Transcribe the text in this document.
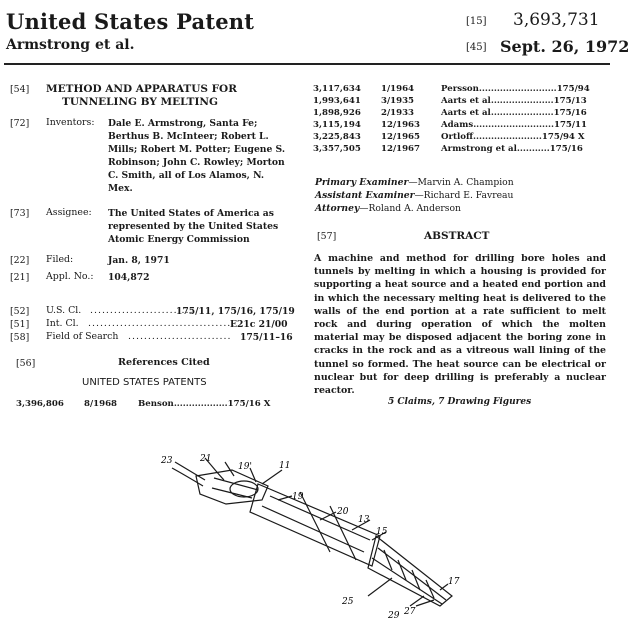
United States Patent
Armstrong et al.
[15] 3,693,731
[45] Sept. 26, 1972
[54] METHOD AND APPARATUS FOR
TUNNELING BY MELTING
[72] Inventors: Dale E. Armstrong, Santa Fe;
Berthus B. McInteer; Robert L.
Mills; Robert M. Potter; Eugene S.
Robinson; John C. Rowley; Morton
C. Smith, all of Los Alamos, N.
Mex.
[73] Assignee: The United States of America as
represented by the United States
Atomic Energy Commission
[22] Filed:	Jan. 8, 1971
[21] Appl. No.: 104,872
[52] U.S. Cl. ..........................
175/11, 175/16, 175/19
[51] Int. Cl. .....................................
E21c 21/00
[58] Field of Search .......................... 175/11–16
[56]	References Cited
UNITED STATES PATENTS
3,396,806 8/1968 Benson..................175/16 X
3,117,634 1/1964	Persson..........................175/94
1,993,641 3/1935	Aarts et al.....................175/13
1,898,926 2/1933	Aarts et al.....................175/16
3,115,194 12/1963 Adams...........................175/11
3,225,843 12/1965 Ortloff.......................175/94 X
3,357,505 12/1967 Armstrong et al...........175/16
Primary Examiner—Marvin A. Champion
Assistant Examiner—Richard E. Favreau
Attorney—Roland A. Anderson
[57]	ABSTRACT
A machine and method for drilling bore holes and tunnels by melting in which a housing is provided for supporting a heat source and a heated end portion and in which the necessary melting heat is delivered to the walls of the end portion at a rate sufficient to melt rock and during operation of which the molten material may be disposed adjacent the boring zone in cracks in the rock and as a vitreous wall lining of the tunnel so formed. The heat source can be electrical or nuclear but for deep drilling is preferably a nuclear reactor.
5 Claims, 7 Drawing Figures
23	21
19'	11
19
20
13
15
25
29 27
17
